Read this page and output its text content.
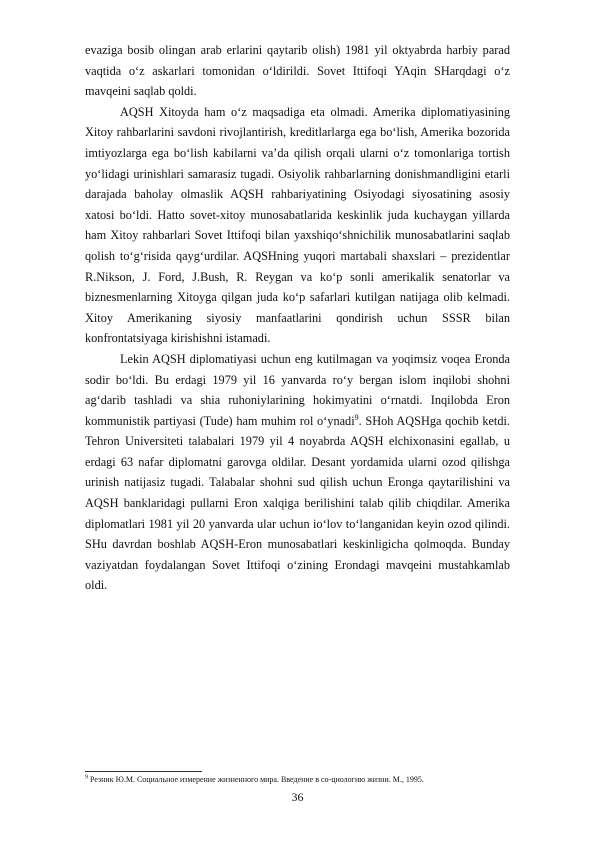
evaziga bosib olingan arab erlarini qaytarib olish) 1981 yil oktyabrda harbiy parad vaqtida o‘z askarlari tomonidan o‘ldirildi. Sovet Ittifoqi YAqin SHarqdagi o‘z mavqeini saqlab qoldi.

AQSH Xitoyda ham o‘z maqsadiga eta olmadi. Amerika diplomatiyasining Xitoy rahbarlarini savdoni rivojlantirish, kreditlarlarga ega bo‘lish, Amerika bozorida imtiyozlarga ega bo‘lish kabilarni va’da qilish orqali ularni o‘z tomonlariga tortish yo‘lidagi urinishlari samarasiz tugadi. Osiyolik rahbarlarning donishmandligini etarli darajada baholay olmaslik AQSH rahbariyatining Osiyodagi siyosatining asosiy xatosi bo‘ldi. Hatto sovet-xitoy munosabatlarida keskinlik juda kuchaygan yillarda ham Xitoy rahbarlari Sovet Ittifoqi bilan yaxshiqo‘shnichilik munosabatlarini saqlab qolish to‘g‘risida qayg‘urdilar. AQSHning yuqori martabali shaxslari – prezidentlar R.Nikson, J. Ford, J.Bush, R. Reygan va ko‘p sonli amerikalik senatorlar va biznesmenlarning Xitoyga qilgan juda ko‘p safarlari kutilgan natijaga olib kelmadi. Xitoy Amerikaning siyosiy manfaatlarini qondirish uchun SSSR bilan konfrontatsiyaga kirishishni istamadi.

Lekin AQSH diplomatiyasi uchun eng kutilmagan va yoqimsiz voqea Eronda sodir bo‘ldi. Bu erdagi 1979 yil 16 yanvarda ro‘y bergan islom inqilobi shohni ag‘darib tashladi va shia ruhoniylarining hokimyatini o‘rnatdi. Inqilobda Eron kommunistik partiyasi (Tude) ham muhim rol o‘ynadi$^9$. SHoh AQSHga qochib ketdi. Tehron Universiteti talabalari 1979 yil 4 noyabrda AQSH elchixonasini egallab, u erdagi 63 nafar diplomatni garovga oldilar. Desant yordamida ularni ozod qilishga urinish natijasiz tugadi. Talabalar shohni sud qilish uchun Eronga qaytarilishini va AQSH banklaridagi pullarni Eron xalqiga berilishini talab qilib chiqdilar. Amerika diplomatlari 1981 yil 20 yanvarda ular uchun io‘lov to‘langanidan keyin ozod qilindi. SHu davrdan boshlab AQSH-Eron munosabatlari keskinligicha qolmoqda. Bunday vaziyatdan foydalangan Sovet Ittifoqi o‘zining Erondagi mavqeini mustahkamlab oldi.

$^9$ Резник Ю.М. Социальное измерение жизненного мира. Введение в со-циологию жизни. М., 1995.
36
